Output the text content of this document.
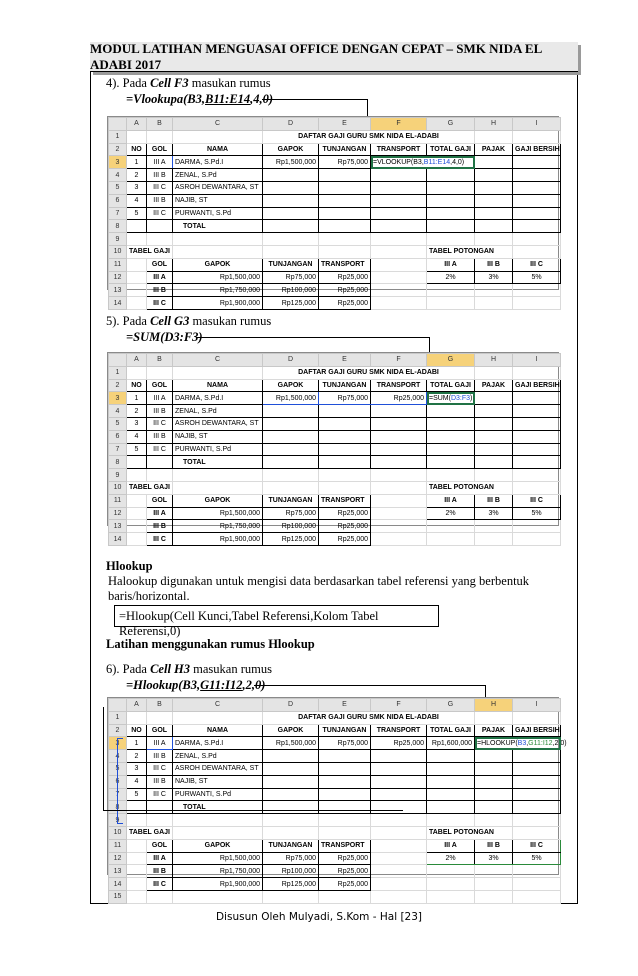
MODUL LATIHAN MENGUASAI OFFICE DENGAN CEPAT – SMK NIDA EL ADABI 2017
4). Pada Cell F3 masukan rumus
=Vlookupa(B3,B11:E14,4,0)
	A	B	C	D	E	F	G	H	I
1				DAFTAR GAJI GURU SMK NIDA EL-ADABI					
2	NO	GOL	NAMA	GAPOK	TUNJANGAN	TRANSPORT	TOTAL GAJI	PAJAK	GAJI BERSIH
3	1	III A	DARMA, S.Pd.I	Rp1,500,000	Rp75,000	=VLOOKUP(B3,B11:E14,4,0)			
4	2	III B	ZENAL, S.Pd						
5	3	III C	ASROH DEWANTARA, ST						
6	4	III B	NAJIB, ST						
7	5	III C	PURWANTI, S.Pd						
8			TOTAL						
9									
10	TABEL GAJI						TABEL POTONGAN		
11		GOL	GAPOK	TUNJANGAN	TRANSPORT		III A	III B	III C
12		III A	Rp1,500,000	Rp75,000	Rp25,000		2%	3%	5%
13		III B	Rp1,750,000	Rp100,000	Rp25,000				
14		III C	Rp1,900,000	Rp125,000	Rp25,000				
5). Pada Cell G3 masukan rumus
=SUM(D3:F3)
	A	B	C	D	E	F	G	H	I
1				DAFTAR GAJI GURU SMK NIDA EL-ADABI					
2	NO	GOL	NAMA	GAPOK	TUNJANGAN	TRANSPORT	TOTAL GAJI	PAJAK	GAJI BERSIH
3	1	III A	DARMA, S.Pd.I	Rp1,500,000	Rp75,000	Rp25,000	=SUM(D3:F3)		
4	2	III B	ZENAL, S.Pd						
5	3	III C	ASROH DEWANTARA, ST						
6	4	III B	NAJIB, ST						
7	5	III C	PURWANTI, S.Pd						
8			TOTAL						
9									
10	TABEL GAJI						TABEL POTONGAN		
11		GOL	GAPOK	TUNJANGAN	TRANSPORT		III A	III B	III C
12		III A	Rp1,500,000	Rp75,000	Rp25,000		2%	3%	5%
13		III B	Rp1,750,000	Rp100,000	Rp25,000				
14		III C	Rp1,900,000	Rp125,000	Rp25,000				
Hlookup
Halookup digunakan untuk mengisi data berdasarkan tabel referensi yang berbentuk
baris/horizontal.
=Hlookup(Cell Kunci,Tabel Referensi,Kolom Tabel Referensi,0)
Latihan menggunakan rumus Hlookup
6). Pada Cell H3 masukan rumus
=Hlookup(B3,G11:I12,2,0)
	A	B	C	D	E	F	G	H	I
1				DAFTAR GAJI GURU SMK NIDA EL-ADABI					
2	NO	GOL	NAMA	GAPOK	TUNJANGAN	TRANSPORT	TOTAL GAJI	PAJAK	GAJI BERSIH
3	1	III A	DARMA, S.Pd.I	Rp1,500,000	Rp75,000	Rp25,000	Rp1,600,000	=HLOOKUP(B3,G11:I12,2,0)	
4	2	III B	ZENAL, S.Pd						
5	3	III C	ASROH DEWANTARA, ST						
6	4	III B	NAJIB, ST						
7	5	III C	PURWANTI, S.Pd						
8			TOTAL						
9									
10	TABEL GAJI						TABEL POTONGAN		
11		GOL	GAPOK	TUNJANGAN	TRANSPORT		III A	III B	III C
12		III A	Rp1,500,000	Rp75,000	Rp25,000		2%	3%	5%
13		III B	Rp1,750,000	Rp100,000	Rp25,000				
14		III C	Rp1,900,000	Rp125,000	Rp25,000				
15									
Disusun Oleh Mulyadi, S.Kom - Hal [23]
